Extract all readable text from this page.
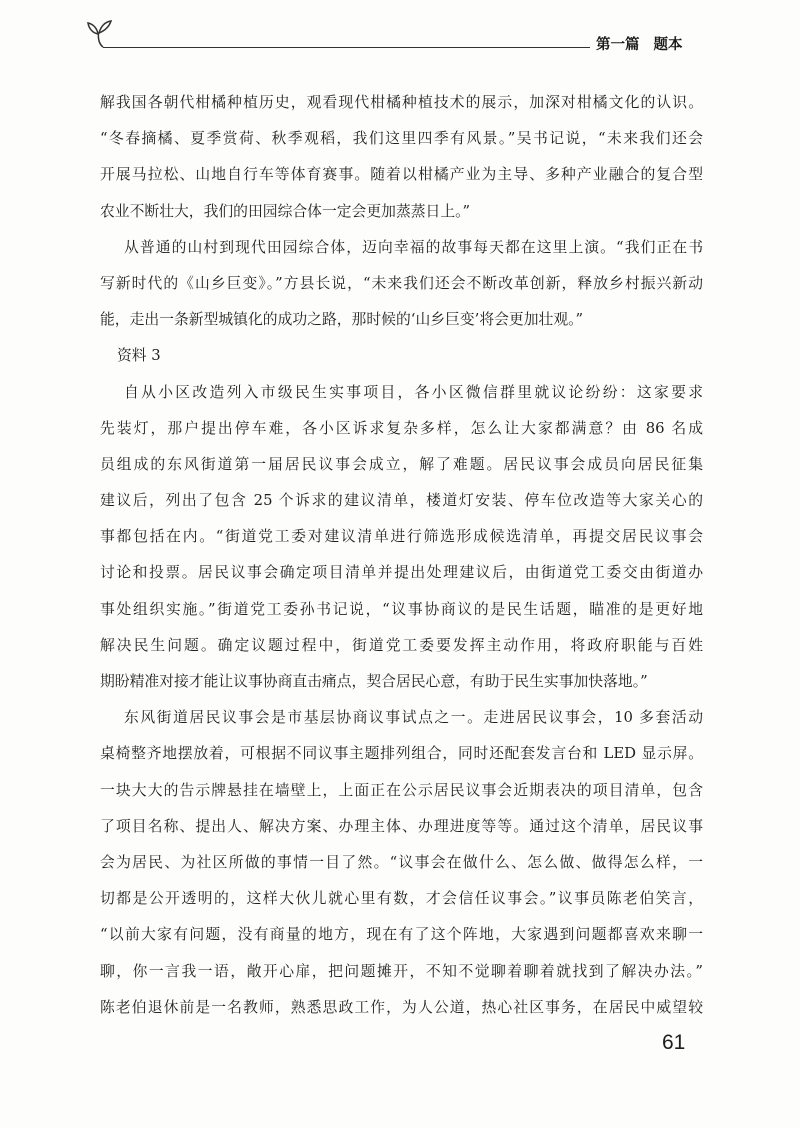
第一篇 题本
解我国各朝代柑橘种植历史，观看现代柑橘种植技术的展示，加深对柑橘文化的认识。
“冬春摘橘、夏季赏荷、秋季观稻，我们这里四季有风景。”吴书记说，“未来我们还会
开展马拉松、山地自行车等体育赛事。随着以柑橘产业为主导、多种产业融合的复合型
农业不断壮大，我们的田园综合体一定会更加蒸蒸日上。”
从普通的山村到现代田园综合体，迈向幸福的故事每天都在这里上演。“我们正在书
写新时代的《山乡巨变》。”方县长说，“未来我们还会不断改革创新，释放乡村振兴新动
能，走出一条新型城镇化的成功之路，那时候的‘山乡巨变’将会更加壮观。”
资料 3
自从小区改造列入市级民生实事项目，各小区微信群里就议论纷纷：这家要求
先装灯，那户提出停车难，各小区诉求复杂多样，怎么让大家都满意？由 86 名成
员组成的东风街道第一届居民议事会成立，解了难题。居民议事会成员向居民征集
建议后，列出了包含 25 个诉求的建议清单，楼道灯安装、停车位改造等大家关心的
事都包括在内。“街道党工委对建议清单进行筛选形成候选清单，再提交居民议事会
讨论和投票。居民议事会确定项目清单并提出处理建议后，由街道党工委交由街道办
事处组织实施。”街道党工委孙书记说，“议事协商议的是民生话题，瞄准的是更好地
解决民生问题。确定议题过程中，街道党工委要发挥主动作用，将政府职能与百姓
期盼精准对接才能让议事协商直击痛点，契合居民心意，有助于民生实事加快落地。”
东风街道居民议事会是市基层协商议事试点之一。走进居民议事会，10 多套活动
桌椅整齐地摆放着，可根据不同议事主题排列组合，同时还配套发言台和 LED 显示屏。
一块大大的告示牌悬挂在墙壁上，上面正在公示居民议事会近期表决的项目清单，包含
了项目名称、提出人、解决方案、办理主体、办理进度等等。通过这个清单，居民议事
会为居民、为社区所做的事情一目了然。“议事会在做什么、怎么做、做得怎么样，一
切都是公开透明的，这样大伙儿就心里有数，才会信任议事会。”议事员陈老伯笑言，
“以前大家有问题，没有商量的地方，现在有了这个阵地，大家遇到问题都喜欢来聊一
聊，你一言我一语，敞开心扉，把问题摊开，不知不觉聊着聊着就找到了解决办法。”
陈老伯退休前是一名教师，熟悉思政工作，为人公道，热心社区事务，在居民中威望较
61
